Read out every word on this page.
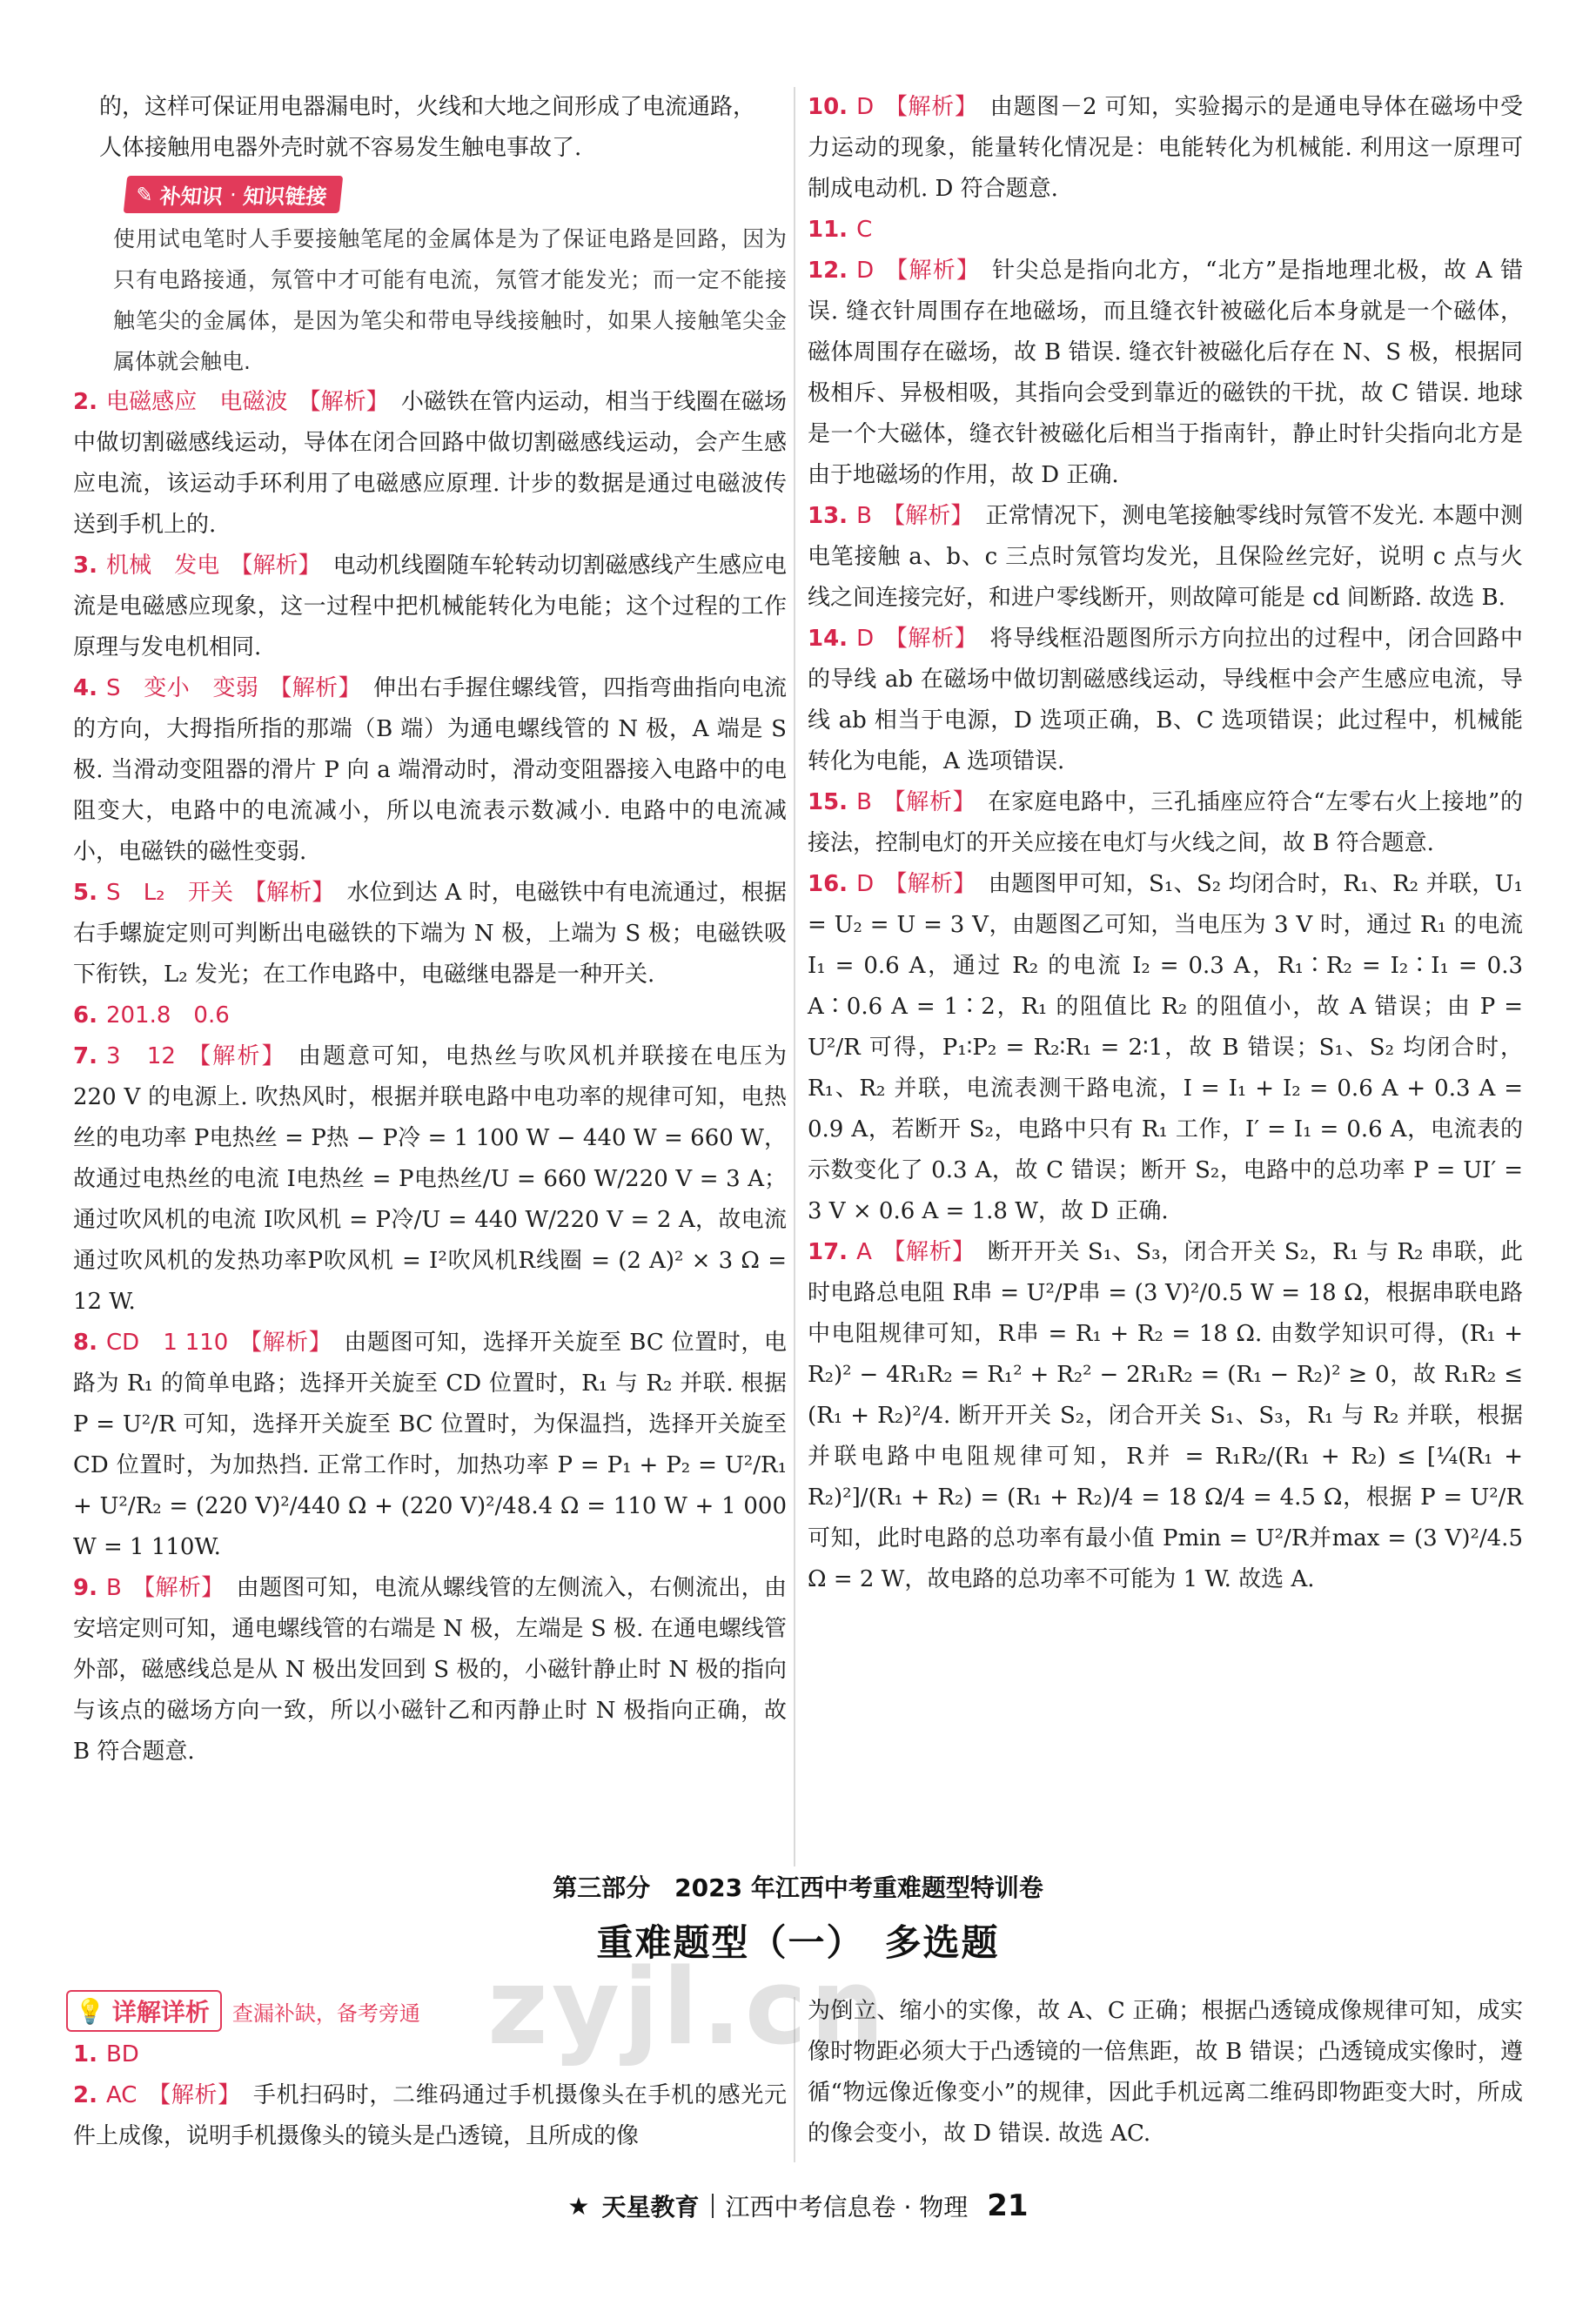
的，这样可保证用电器漏电时，火线和大地之间形成了电流通路，

人体接触用电器外壳时就不容易发生触电事故了.

✎ 补知识 · 知识链接

使用试电笔时人手要接触笔尾的金属体是为了保证电路是回路，因为只有电路接通，氖管中才可能有电流，氖管才能发光；而一定不能接触笔尖的金属体，是因为笔尖和带电导线接触时，如果人接触笔尖金属体就会触电.

2. 电磁感应　电磁波 【解析】 小磁铁在管内运动，相当于线圈在磁场中做切割磁感线运动，导体在闭合回路中做切割磁感线运动，会产生感应电流，该运动手环利用了电磁感应原理. 计步的数据是通过电磁波传送到手机上的.
3. 机械　发电 【解析】 电动机线圈随车轮转动切割磁感线产生感应电流是电磁感应现象，这一过程中把机械能转化为电能；这个过程的工作原理与发电机相同.
4. S　变小　变弱 【解析】 伸出右手握住螺线管，四指弯曲指向电流的方向，大拇指所指的那端（B 端）为通电螺线管的 N 极，A 端是 S 极. 当滑动变阻器的滑片 P 向 a 端滑动时，滑动变阻器接入电路中的电阻变大，电路中的电流减小，所以电流表示数减小. 电路中的电流减小，电磁铁的磁性变弱.
5. S　L₂　开关 【解析】 水位到达 A 时，电磁铁中有电流通过，根据右手螺旋定则可判断出电磁铁的下端为 N 极，上端为 S 极；电磁铁吸下衔铁，L₂ 发光；在工作电路中，电磁继电器是一种开关.
6. 201.8　0.6
7. 3　12 【解析】 由题意可知，电热丝与吹风机并联接在电压为 220 V 的电源上. 吹热风时，根据并联电路中电功率的规律可知，电热丝的电功率 P电热丝 = P热 − P冷 = 1 100 W − 440 W = 660 W，故通过电热丝的电流 I电热丝 = P电热丝/U = 660 W/220 V = 3 A；通过吹风机的电流 I吹风机 = P冷/U = 440 W/220 V = 2 A，故电流通过吹风机的发热功率P吹风机 = I²吹风机R线圈 = (2 A)² × 3 Ω = 12 W.
8. CD　1 110 【解析】 由题图可知，选择开关旋至 BC 位置时，电路为 R₁ 的简单电路；选择开关旋至 CD 位置时，R₁ 与 R₂ 并联. 根据 P = U²/R 可知，选择开关旋至 BC 位置时，为保温挡，选择开关旋至 CD 位置时，为加热挡. 正常工作时，加热功率 P = P₁ + P₂ = U²/R₁ + U²/R₂ = (220 V)²/440 Ω + (220 V)²/48.4 Ω = 110 W + 1 000 W = 1 110W.
9. B 【解析】 由题图可知，电流从螺线管的左侧流入，右侧流出，由安培定则可知，通电螺线管的右端是 N 极，左端是 S 极. 在通电螺线管外部，磁感线总是从 N 极出发回到 S 极的，小磁针静止时 N 极的指向与该点的磁场方向一致，所以小磁针乙和丙静止时 N 极指向正确，故 B 符合题意.
10. D 【解析】 由题图－2 可知，实验揭示的是通电导体在磁场中受力运动的现象，能量转化情况是：电能转化为机械能. 利用这一原理可制成电动机. D 符合题意.
11. C
12. D 【解析】 针尖总是指向北方，“北方”是指地理北极，故 A 错误. 缝衣针周围存在地磁场，而且缝衣针被磁化后本身就是一个磁体，磁体周围存在磁场，故 B 错误. 缝衣针被磁化后存在 N、S 极，根据同极相斥、异极相吸，其指向会受到靠近的磁铁的干扰，故 C 错误. 地球是一个大磁体，缝衣针被磁化后相当于指南针，静止时针尖指向北方是由于地磁场的作用，故 D 正确.
13. B 【解析】 正常情况下，测电笔接触零线时氖管不发光. 本题中测电笔接触 a、b、c 三点时氖管均发光，且保险丝完好，说明 c 点与火线之间连接完好，和进户零线断开，则故障可能是 cd 间断路. 故选 B.
14. D 【解析】 将导线框沿题图所示方向拉出的过程中，闭合回路中的导线 ab 在磁场中做切割磁感线运动，导线框中会产生感应电流，导线 ab 相当于电源，D 选项正确，B、C 选项错误；此过程中，机械能转化为电能，A 选项错误.
15. B 【解析】 在家庭电路中，三孔插座应符合“左零右火上接地”的接法，控制电灯的开关应接在电灯与火线之间，故 B 符合题意.
16. D 【解析】 由题图甲可知，S₁、S₂ 均闭合时，R₁、R₂ 并联，U₁ = U₂ = U = 3 V，由题图乙可知，当电压为 3 V 时，通过 R₁ 的电流 I₁ = 0.6 A，通过 R₂ 的电流 I₂ = 0.3 A，R₁∶R₂ = I₂∶I₁ = 0.3 A∶0.6 A = 1∶2，R₁ 的阻值比 R₂ 的阻值小，故 A 错误；由 P = U²/R 可得，P₁∶P₂ = R₂∶R₁ = 2∶1，故 B 错误；S₁、S₂ 均闭合时，R₁、R₂ 并联，电流表测干路电流，I = I₁ + I₂ = 0.6 A + 0.3 A = 0.9 A，若断开 S₂，电路中只有 R₁ 工作，I′ = I₁ = 0.6 A，电流表的示数变化了 0.3 A，故 C 错误；断开 S₂，电路中的总功率 P = UI′ = 3 V × 0.6 A = 1.8 W，故 D 正确.
17. A 【解析】 断开开关 S₁、S₃，闭合开关 S₂，R₁ 与 R₂ 串联，此时电路总电阻 R串 = U²/P串 = (3 V)²/0.5 W = 18 Ω，根据串联电路中电阻规律可知，R串 = R₁ + R₂ = 18 Ω. 由数学知识可得，(R₁ + R₂)² − 4R₁R₂ = R₁² + R₂² − 2R₁R₂ = (R₁ − R₂)² ≥ 0，故 R₁R₂ ≤ (R₁ + R₂)²/4. 断开开关 S₂，闭合开关 S₁、S₃，R₁ 与 R₂ 并联，根据并联电路中电阻规律可知，R并 = R₁R₂/(R₁ + R₂) ≤ [¼(R₁ + R₂)²]/(R₁ + R₂) = (R₁ + R₂)/4 = 18 Ω/4 = 4.5 Ω，根据 P = U²/R 可知，此时电路的总功率有最小值 Pmin = U²/R并max = (3 V)²/4.5 Ω = 2 W，故电路的总功率不可能为 1 W. 故选 A.
第三部分　2023 年江西中考重难题型特训卷
重难题型（一）　多选题
zyjl.cn
💡 详解详析 查漏补缺，备考旁通
1. BD
2. AC 【解析】 手机扫码时，二维码通过手机摄像头在手机的感光元件上成像，说明手机摄像头的镜头是凸透镜，且所成的像

为倒立、缩小的实像，故 A、C 正确；根据凸透镜成像规律可知，成实像时物距必须大于凸透镜的一倍焦距，故 B 错误；凸透镜成实像时，遵循“物远像近像变小”的规律，因此手机远离二维码即物距变大时，所成的像会变小，故 D 错误. 故选 AC.

★ 天星教育 江西中考信息卷 · 物理 21
